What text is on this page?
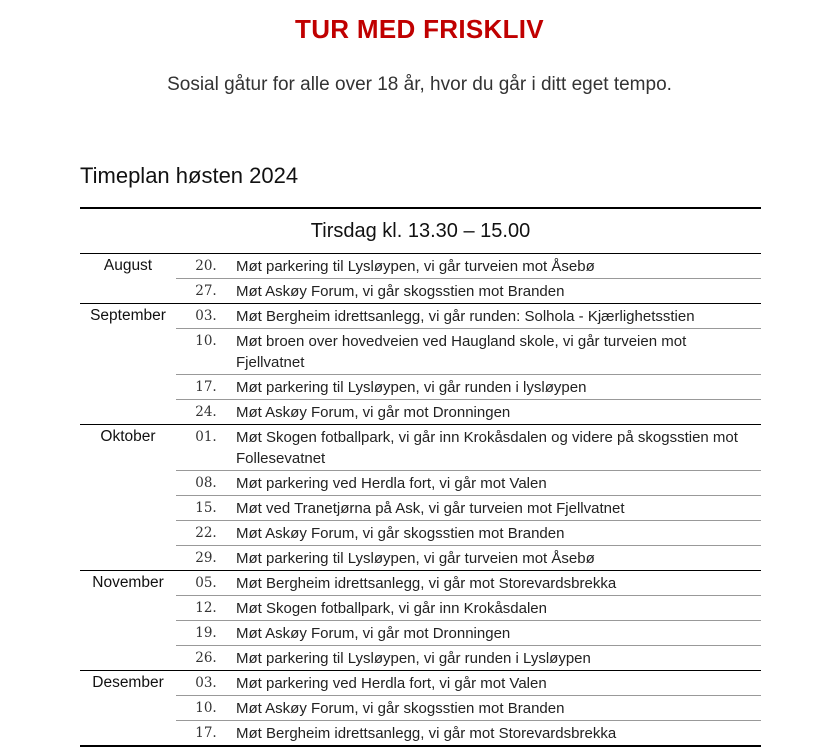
TUR MED FRISKLIV
Sosial gåtur for alle over 18 år, hvor du går i ditt eget tempo.
Timeplan høsten 2024
Tirsdag kl. 13.30 – 15.00
August	20.	Møt parkering til Lysløypen, vi går turveien mot Åsebø
27.	Møt Askøy Forum, vi går skogsstien mot Branden
September	03.	Møt Bergheim idrettsanlegg, vi går runden: Solhola - Kjærlighetsstien
10.	Møt broen over hovedveien ved Haugland skole, vi går turveien mot Fjellvatnet
17.	Møt parkering til Lysløypen, vi går runden i lysløypen
24.	Møt Askøy Forum, vi går mot Dronningen
Oktober	01.	Møt Skogen fotballpark, vi går inn Krokåsdalen og videre på skogsstien mot Follesevatnet
08.	Møt parkering ved Herdla fort, vi går mot Valen
15.	Møt ved Tranetjørna på Ask, vi går turveien mot Fjellvatnet
22.	Møt Askøy Forum, vi går skogsstien mot Branden
29.	Møt parkering til Lysløypen, vi går turveien mot Åsebø
November	05.	Møt Bergheim idrettsanlegg, vi går mot Storevardsbrekka
12.	Møt Skogen fotballpark, vi går inn Krokåsdalen
19.	Møt Askøy Forum, vi går mot Dronningen
26.	Møt parkering til Lysløypen, vi går runden i Lysløypen
Desember	03.	Møt parkering ved Herdla fort, vi går mot Valen
10.	Møt Askøy Forum, vi går skogsstien mot Branden
17.	Møt Bergheim idrettsanlegg, vi går mot Storevardsbrekka
